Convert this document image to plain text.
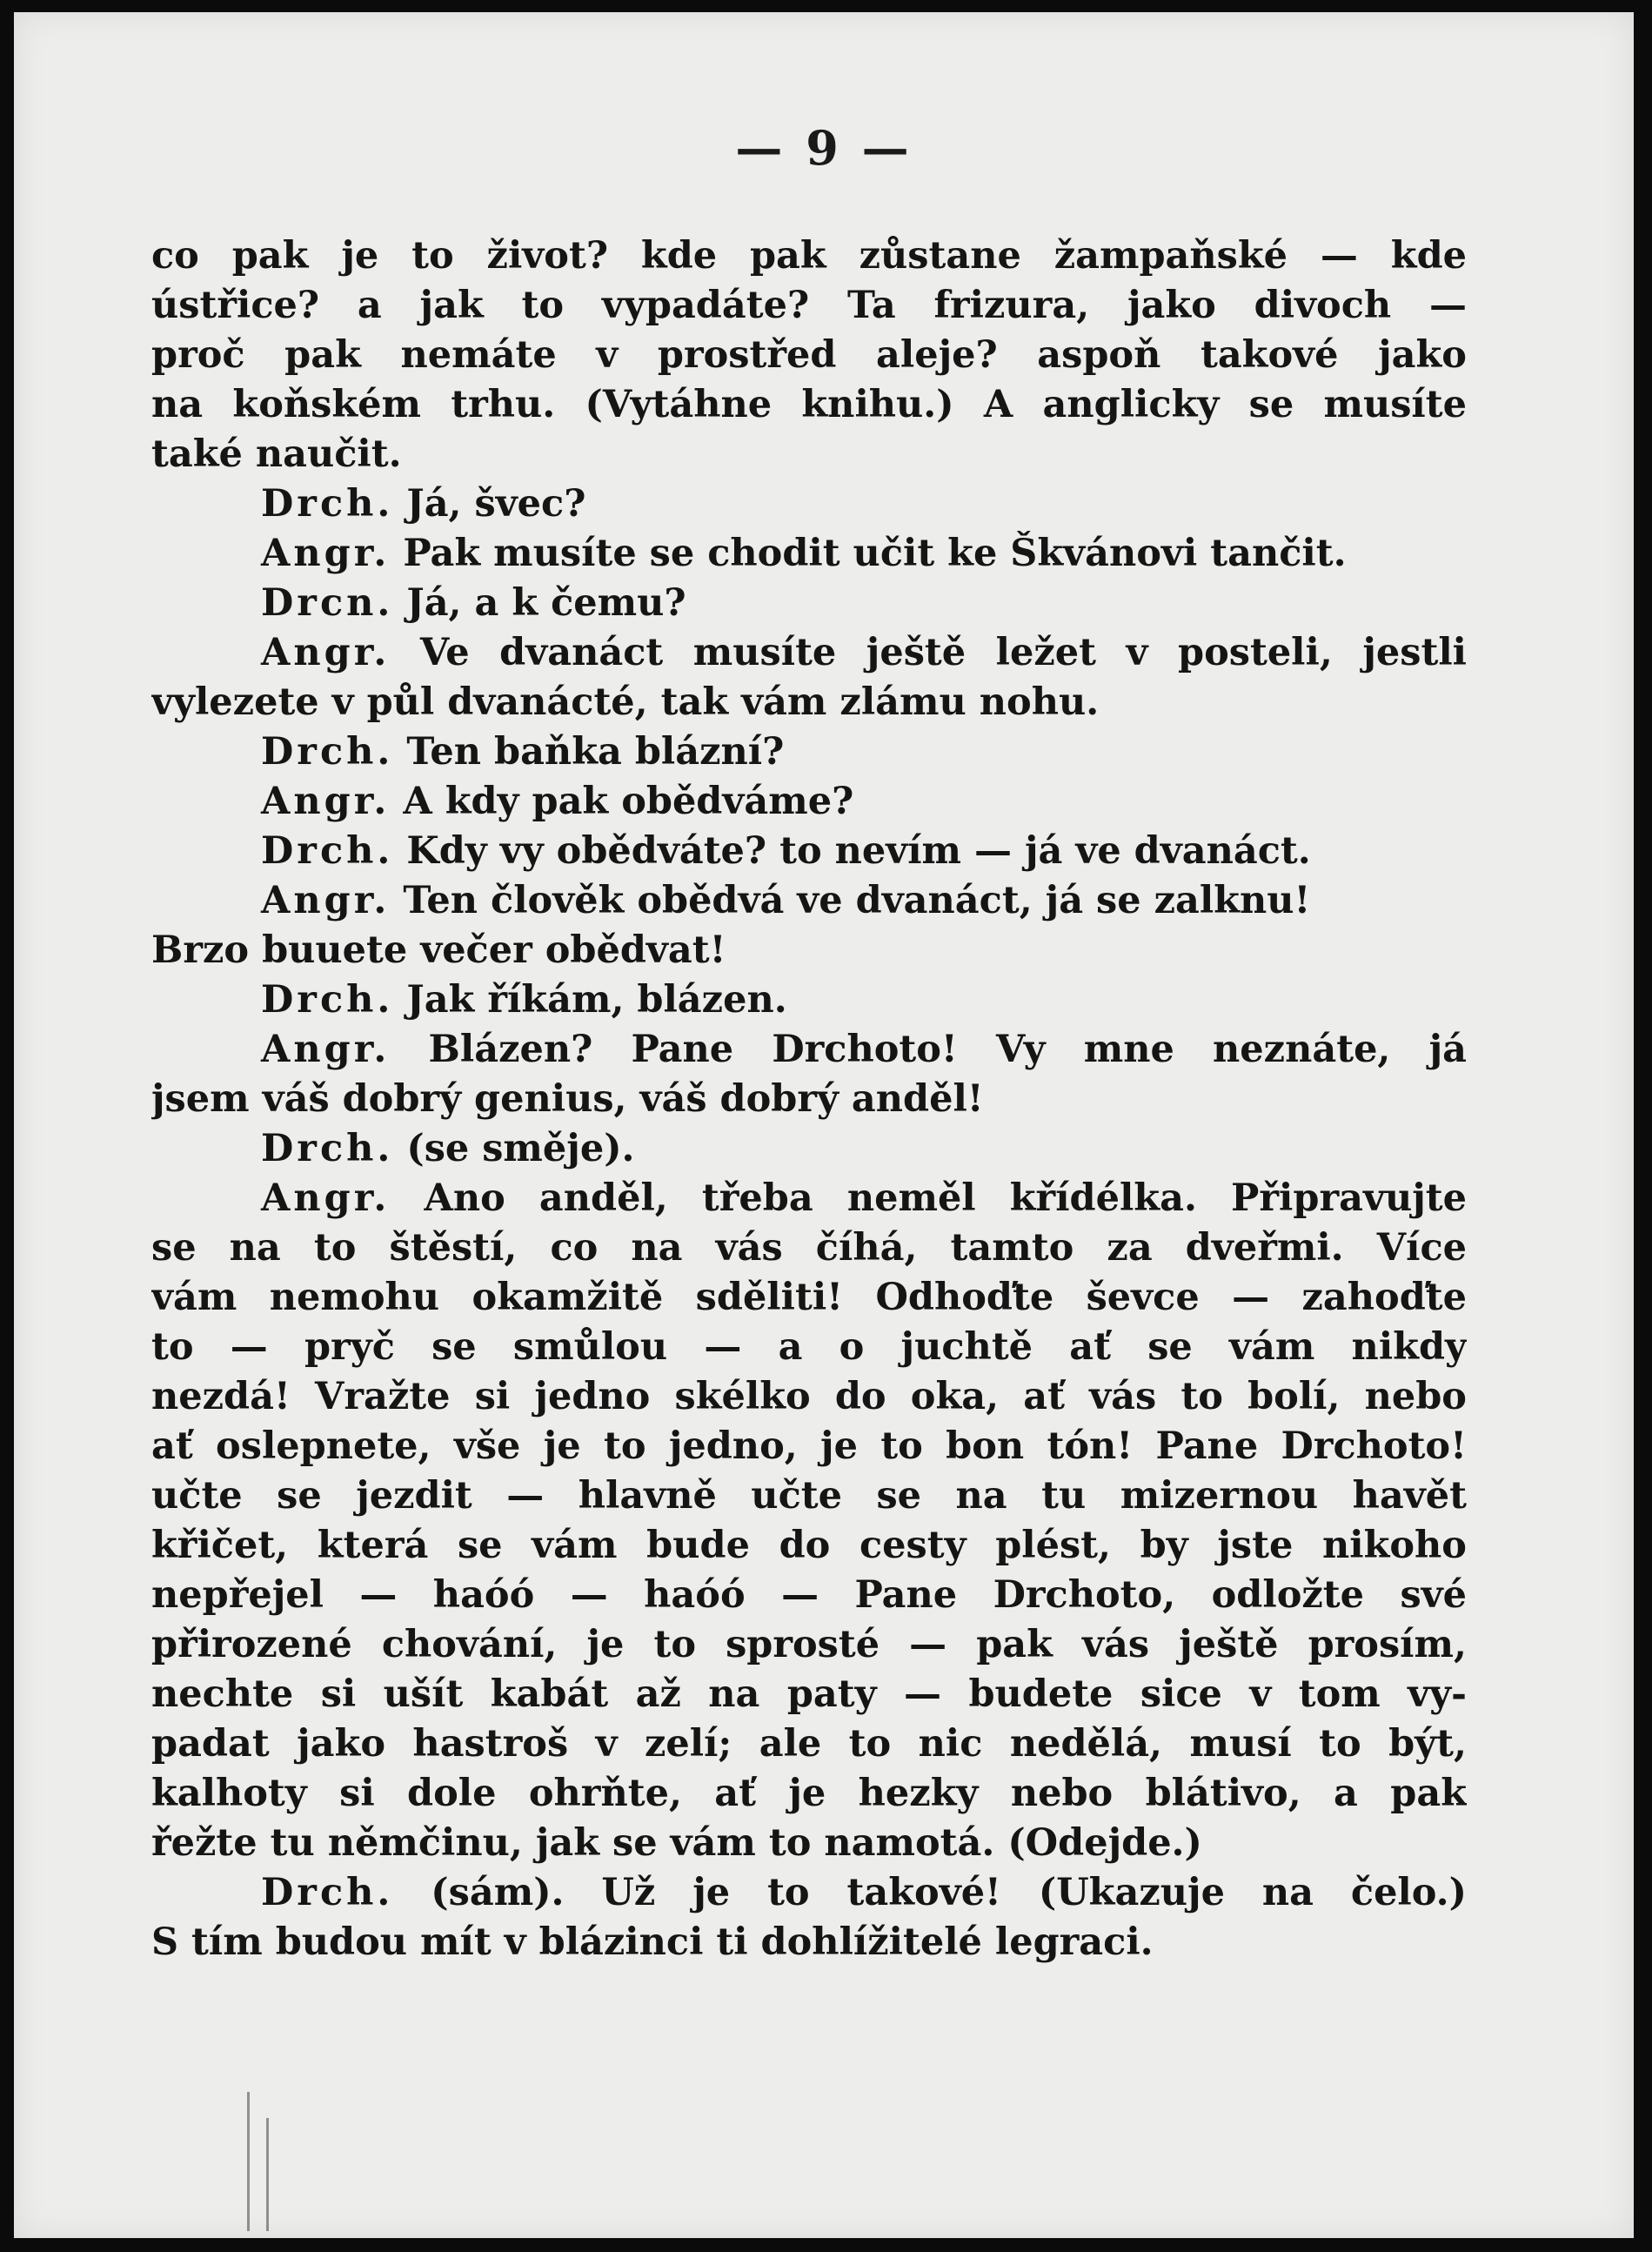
— 9 —
co pak je to život? kde pak zůstane žampaňské — kde
ústřice? a jak to vypadáte? Ta frizura, jako divoch —
proč pak nemáte v prostřed aleje? aspoň takové jako
na koňském trhu. (Vytáhne knihu.) A anglicky se musíte
také naučit.
Drch. Já, švec?
Angr. Pak musíte se chodit učit ke Škvánovi tančit.
Drcn. Já, a k čemu?
Angr. Ve dvanáct musíte ještě ležet v posteli, jestli
vylezete v půl dvanácté, tak vám zlámu nohu.
Drch. Ten baňka blázní?
Angr. A kdy pak obědváme?
Drch. Kdy vy obědváte? to nevím — já ve dvanáct.
Angr. Ten člověk obědvá ve dvanáct, já se zalknu!
Brzo buuete večer obědvat!
Drch. Jak říkám, blázen.
Angr. Blázen? Pane Drchoto! Vy mne neznáte, já
jsem váš dobrý genius, váš dobrý anděl!
Drch. (se směje).
Angr. Ano anděl, třeba neměl křídélka. Připravujte
se na to štěstí, co na vás číhá, tamto za dveřmi. Více
vám nemohu okamžitě sděliti! Odhoďte ševce — zahoďte
to — pryč se smůlou — a o juchtě ať se vám nikdy
nezdá! Vražte si jedno skélko do oka, ať vás to bolí, nebo
ať oslepnete, vše je to jedno, je to bon tón! Pane Drchoto!
učte se jezdit — hlavně učte se na tu mizernou havět
křičet, která se vám bude do cesty plést, by jste nikoho
nepřejel — haóó — haóó — Pane Drchoto, odložte své
přirozené chování, je to sprosté — pak vás ještě prosím,
nechte si ušít kabát až na paty — budete sice v tom vy-
padat jako hastroš v zelí; ale to nic nedělá, musí to být,
kalhoty si dole ohrňte, ať je hezky nebo blátivo, a pak
řežte tu němčinu, jak se vám to namotá. (Odejde.)
Drch. (sám). Už je to takové! (Ukazuje na čelo.)
S tím budou mít v blázinci ti dohlížitelé legraci.
